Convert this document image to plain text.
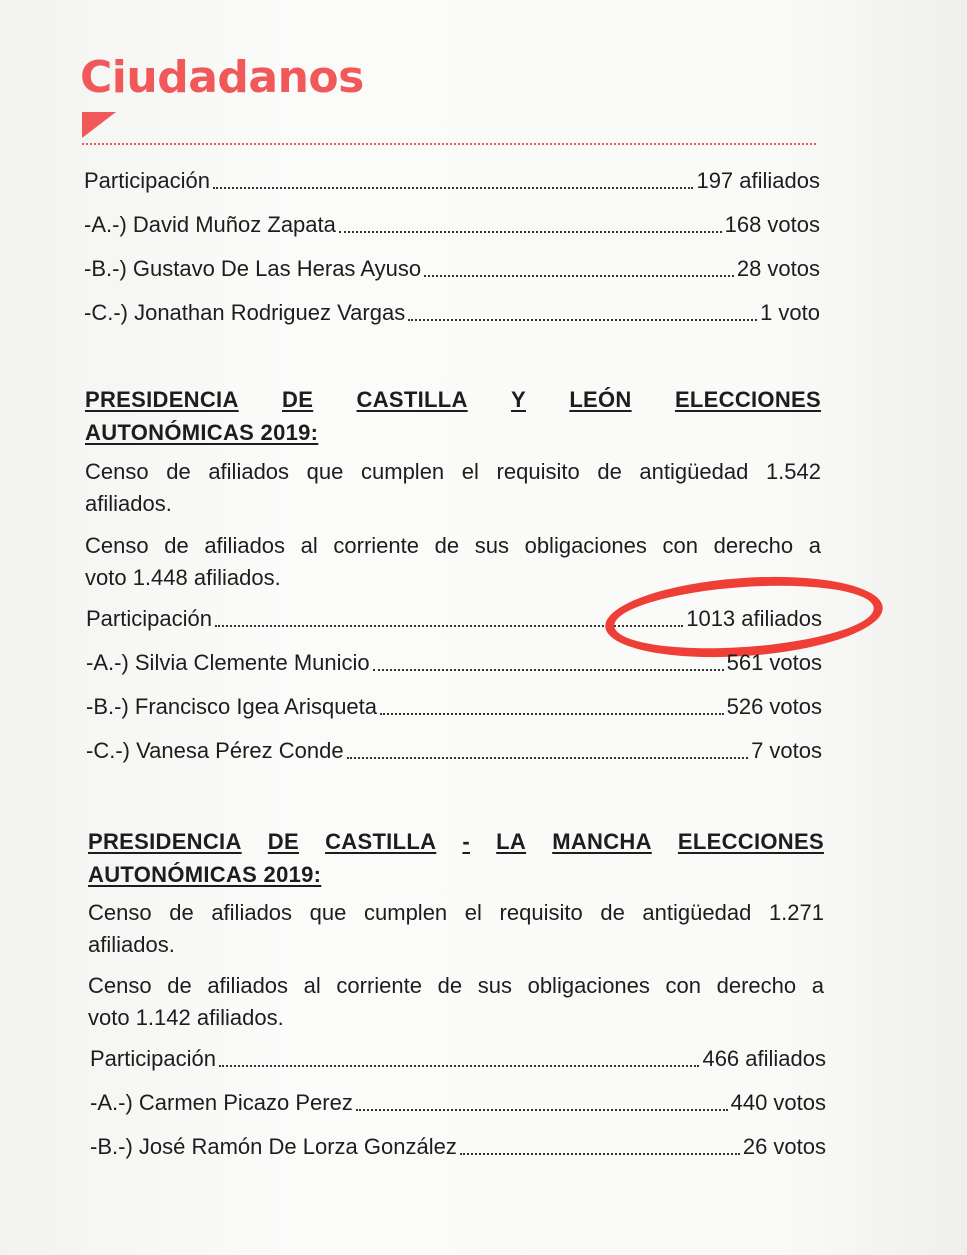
Ciudadanos
Participación	197 afiliados
-A.-) David Muñoz Zapata	168 votos
-B.-) Gustavo De Las Heras Ayuso	28 votos
-C.-) Jonathan Rodriguez Vargas	1 voto
PRESIDENCIA DE CASTILLA Y LEÓN ELECCIONES
AUTONÓMICAS 2019:
Censo de afiliados que cumplen el requisito de antigüedad 1.542
afiliados.
Censo de afiliados al corriente de sus obligaciones con derecho a
voto 1.448 afiliados.
Participación	1013 afiliados
-A.-) Silvia Clemente Municio	561 votos
-B.-) Francisco Igea Arisqueta	526 votos
-C.-) Vanesa Pérez Conde	7 votos
PRESIDENCIA DE CASTILLA - LA MANCHA ELECCIONES
AUTONÓMICAS 2019:
Censo de afiliados que cumplen el requisito de antigüedad 1.271
afiliados.
Censo de afiliados al corriente de sus obligaciones con derecho a
voto 1.142 afiliados.
Participación	466 afiliados
-A.-) Carmen Picazo Perez	440 votos
-B.-) José Ramón De Lorza González	26 votos
